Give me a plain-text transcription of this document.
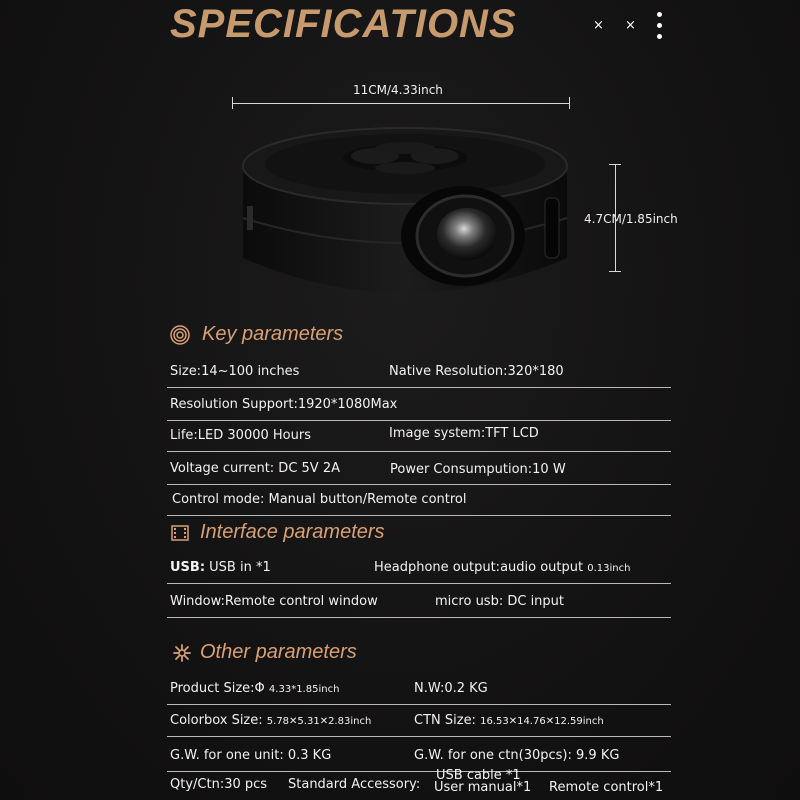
SPECIFICATIONS	× ×
11CM/4.33inch
4.7CM/1.85inch
Key parameters
Size:14~100 inches	Native Resolution:320*180
Resolution Support:1920*1080Max
Life:LED 30000 Hours	Image system:TFT LCD
Voltage current: DC 5V 2A	Power Consumpution:10 W
Control mode: Manual button/Remote control
Interface parameters
USB: USB in *1	Headphone output:audio output 0.13inch
Window:Remote control window	micro usb: DC input
Other parameters
Product Size:Φ 4.33*1.85inch	N.W:0.2 KG
Colorbox Size: 5.78✕5.31✕2.83inch	CTN Size: 16.53✕14.76✕12.59inch
G.W. for one unit: 0.3 KG	G.W. for one ctn(30pcs): 9.9 KG
Qty/Ctn:30 pcs Standard Accessory:
USB cable *1
User manual*1 Remote control*1
